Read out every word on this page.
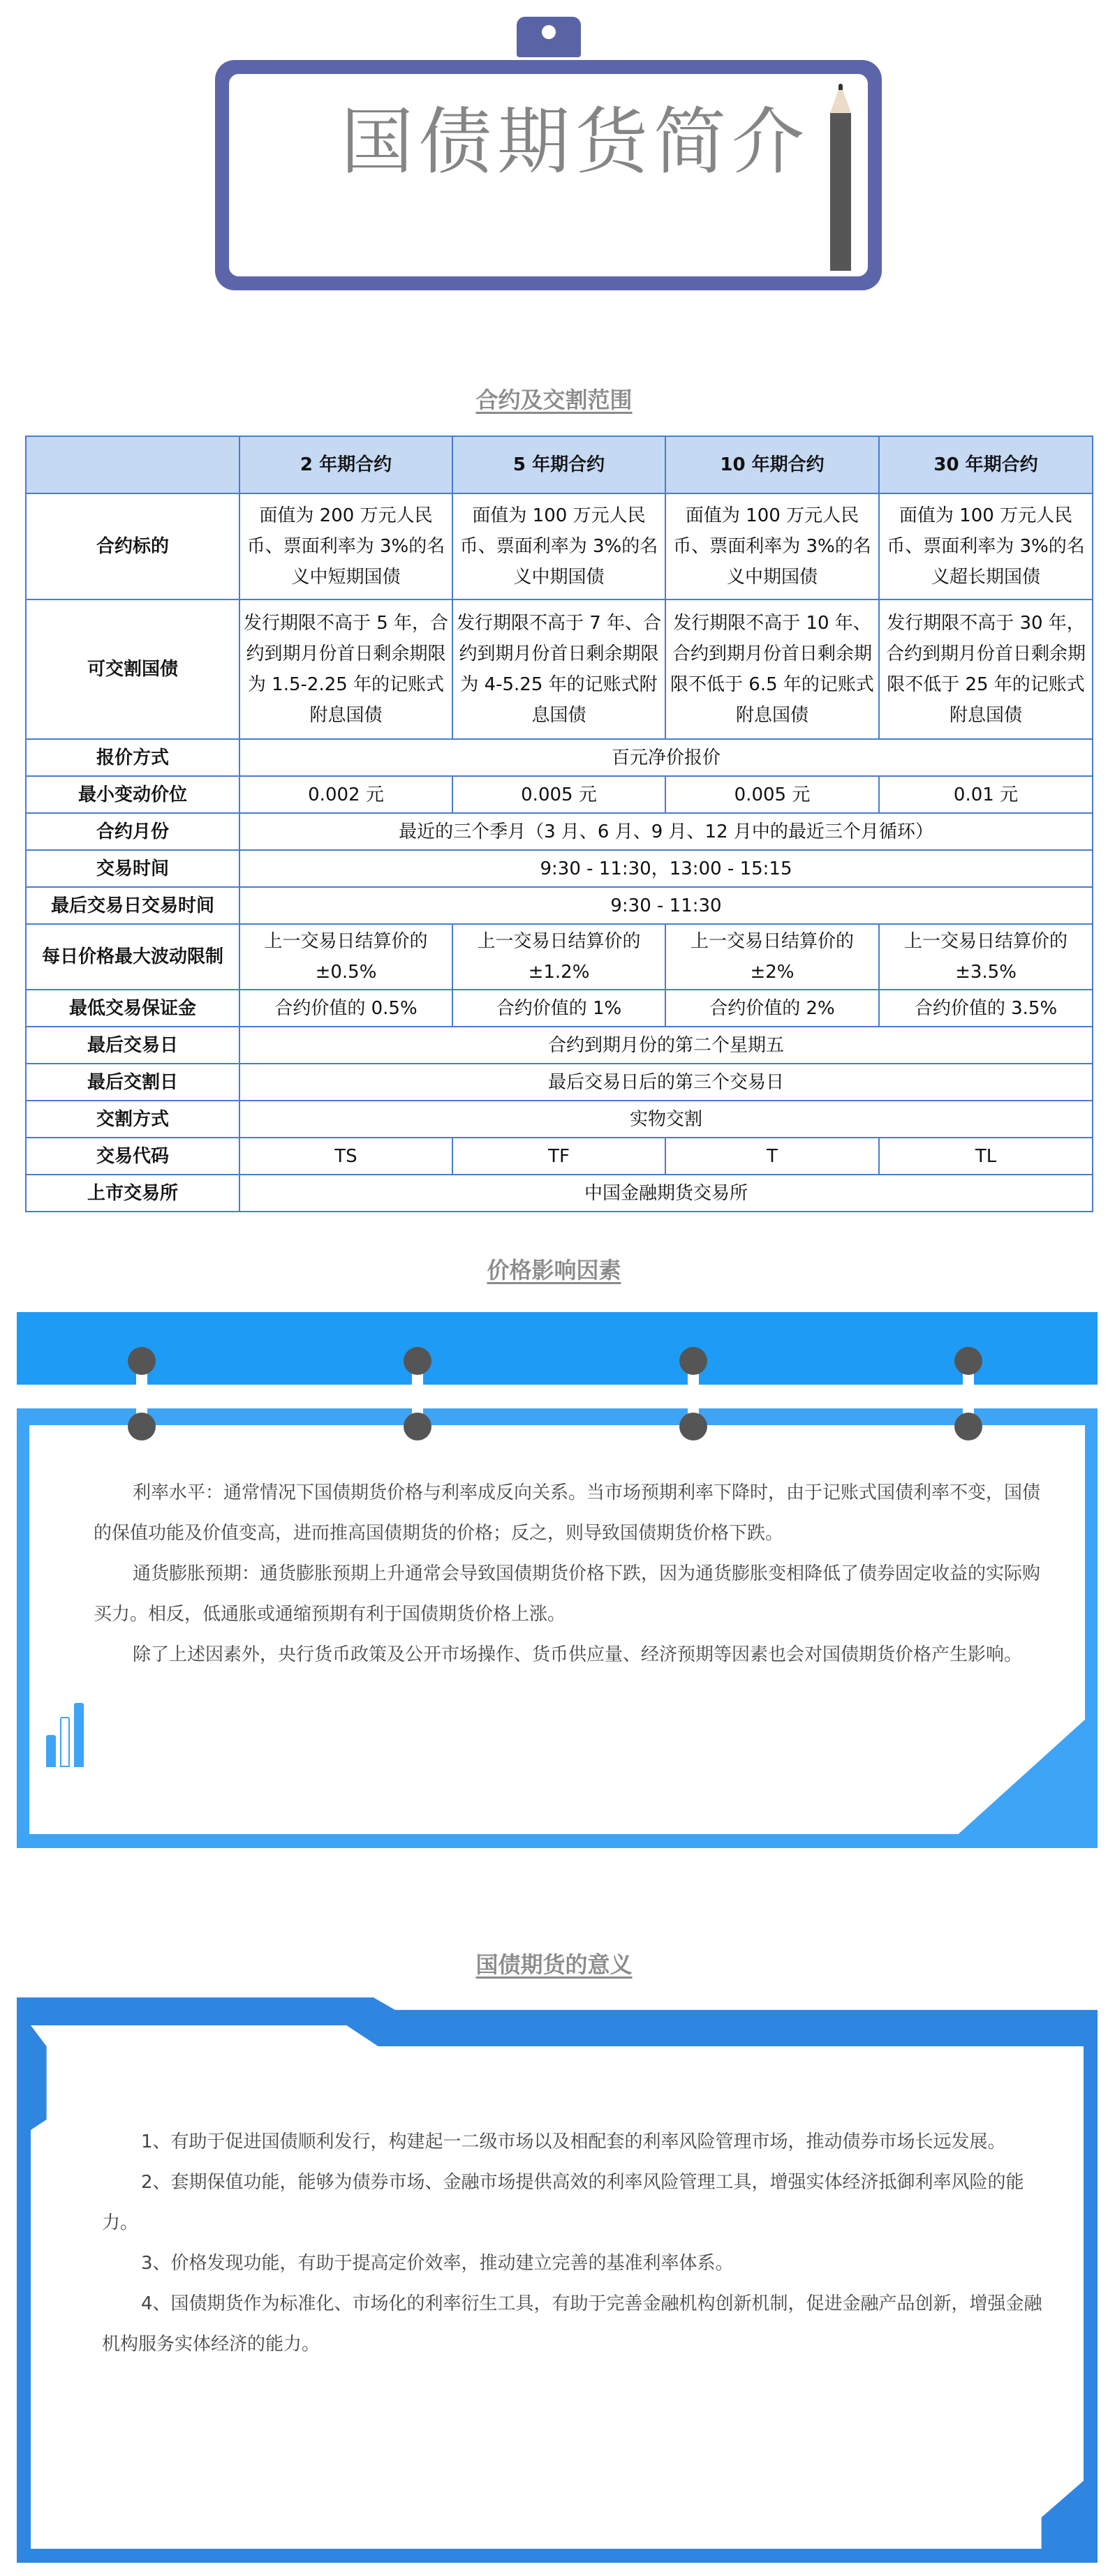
国债期货简介
合约及交割范围
	2 年期合约	5 年期合约	10 年期合约	30 年期合约
合约标的	面值为 200 万元人民币、票面利率为 3%的名义中短期国债	面值为 100 万元人民币、票面利率为 3%的名义中期国债	面值为 100 万元人民币、票面利率为 3%的名义中期国债	面值为 100 万元人民币、票面利率为 3%的名义超长期国债
可交割国债	发行期限不高于 5 年，合约到期月份首日剩余期限为 1.5-2.25 年的记账式附息国债	发行期限不高于 7 年、合约到期月份首日剩余期限为 4-5.25 年的记账式附息国债	发行期限不高于 10 年、合约到期月份首日剩余期限不低于 6.5 年的记账式附息国债	发行期限不高于 30 年，合约到期月份首日剩余期限不低于 25 年的记账式附息国债
报价方式	百元净价报价			
最小变动价位	0.002 元	0.005 元	0.005 元	0.01 元
合约月份	最近的三个季月（3 月、6 月、9 月、12 月中的最近三个月循环）			
交易时间	9:30 - 11:30，13:00 - 15:15			
最后交易日交易时间	9:30 - 11:30			
每日价格最大波动限制	上一交易日结算价的±0.5%	上一交易日结算价的±1.2%	上一交易日结算价的±2%	上一交易日结算价的±3.5%
最低交易保证金	合约价值的 0.5%	合约价值的 1%	合约价值的 2%	合约价值的 3.5%
最后交易日	合约到期月份的第二个星期五			
最后交割日	最后交易日后的第三个交易日			
交割方式	实物交割			
交易代码	TS	TF	T	TL
上市交易所	中国金融期货交易所			
价格影响因素

利率水平：通常情况下国债期货价格与利率成反向关系。当市场预期利率下降时，由于记账式国债利率不变，国债的保值功能及价值变高，进而推高国债期货的价格；反之，则导致国债期货价格下跌。

通货膨胀预期：通货膨胀预期上升通常会导致国债期货价格下跌，因为通货膨胀变相降低了债券固定收益的实际购买力。相反，低通胀或通缩预期有利于国债期货价格上涨。

除了上述因素外，央行货币政策及公开市场操作、货币供应量、经济预期等因素也会对国债期货价格产生影响。

国债期货的意义

1、有助于促进国债顺利发行，构建起一二级市场以及相配套的利率风险管理市场，推动债券市场长远发展。

2、套期保值功能，能够为债券市场、金融市场提供高效的利率风险管理工具，增强实体经济抵御利率风险的能力。

3、价格发现功能，有助于提高定价效率，推动建立完善的基准利率体系。

4、国债期货作为标准化、市场化的利率衍生工具，有助于完善金融机构创新机制，促进金融产品创新，增强金融机构服务实体经济的能力。
